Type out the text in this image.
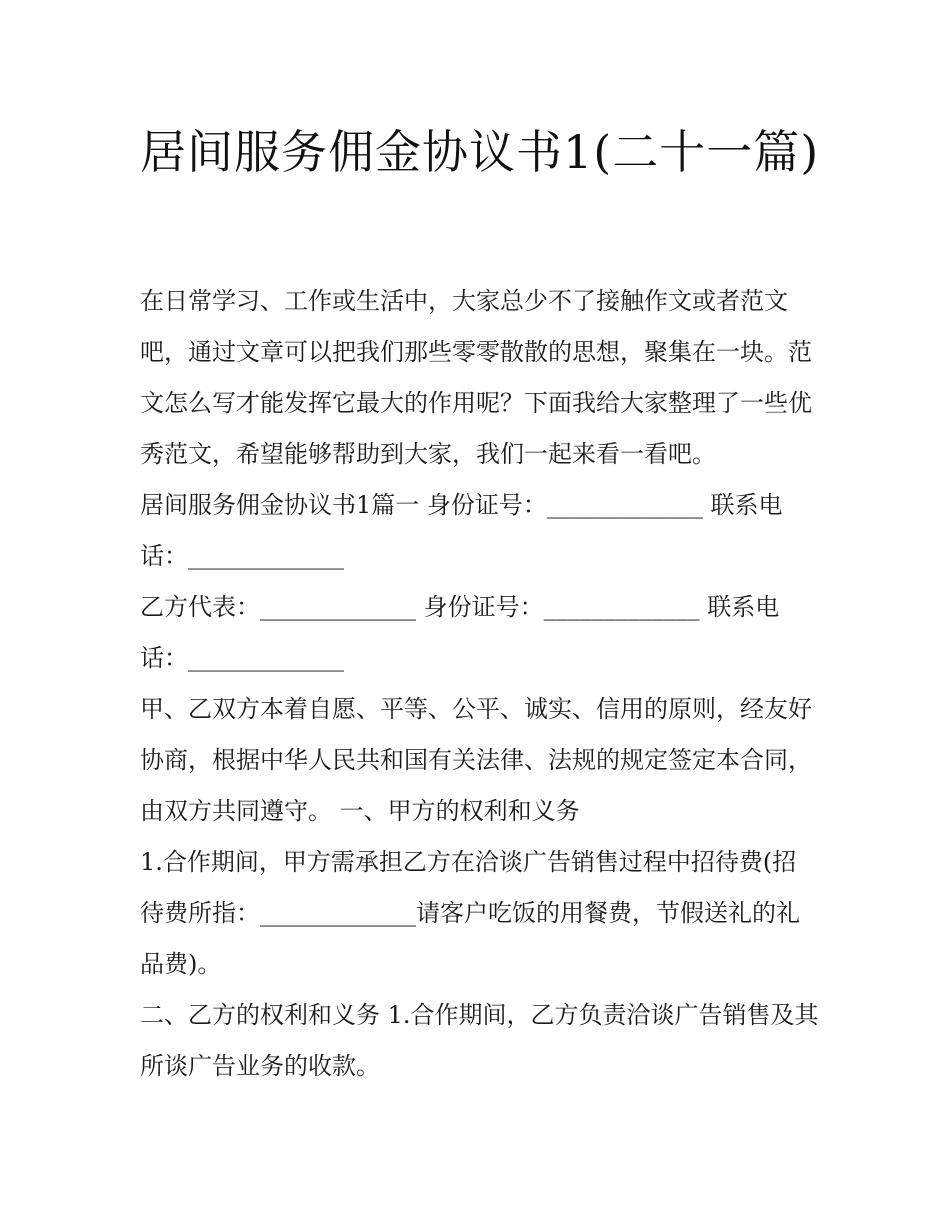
居间服务佣金协议书1(二十一篇)

在日常学习、工作或生活中，大家总少不了接触作文或者范文吧，通过文章可以把我们那些零零散散的思想，聚集在一块。范文怎么写才能发挥它最大的作用呢？下面我给大家整理了一些优秀范文，希望能够帮助到大家，我们一起来看一看吧。

居间服务佣金协议书1篇一 身份证号：_____________ 联系电话：_____________

乙方代表：_____________ 身份证号：_____________ 联系电话：_____________

甲、乙双方本着自愿、平等、公平、诚实、信用的原则，经友好协商，根据中华人民共和国有关法律、法规的规定签定本合同，由双方共同遵守。 一、甲方的权利和义务

1.合作期间，甲方需承担乙方在洽谈广告销售过程中招待费(招待费所指：_____________请客户吃饭的用餐费，节假送礼的礼品费)。

二、乙方的权利和义务 1.合作期间，乙方负责洽谈广告销售及其所谈广告业务的收款。
